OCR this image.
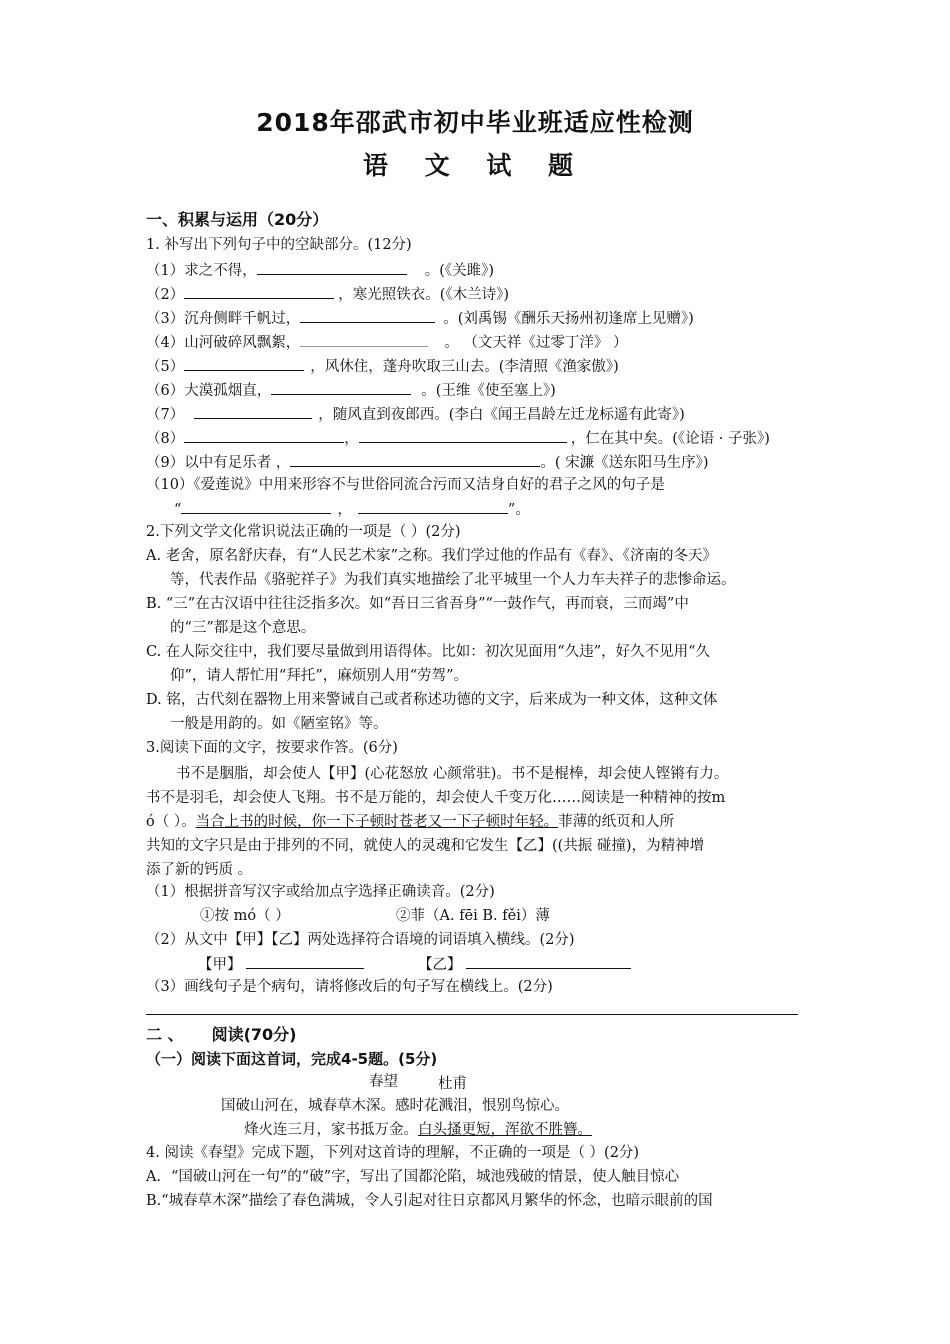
2018年邵武市初中毕业班适应性检测
语 文 试 题
一、积累与运用（20分）
1. 补写出下列句子中的空缺部分。(12分)
（1）求之不得，	。(《关雎》)
（2）	，寒光照铁衣。(《木兰诗》)
（3）沉舟侧畔千帆过，	。(刘禹锡《酬乐天扬州初逢席上见赠》)
（4）山河破碎风飘絮，	。 （文天祥《过零丁洋》 ）
（5）	，风休住，蓬舟吹取三山去。(李清照《渔家傲》)
（6）大漠孤烟直，	。(王维《使至塞上》)
（7）	，随风直到夜郎西。(李白《闻王昌龄左迁龙标遥有此寄》)
（8）	，	，仁在其中矣。(《论语 · 子张》)
（9）以中有足乐者 ，	。( 宋濂《送东阳马生序》)
（10）《爱莲说》中用来形容不与世俗同流合污而又洁身自好的君子之风的句子是
“	，	”。
2.下列文学文化常识说法正确的一项是（ ）(2分)
A. 老舍，原名舒庆春，有“人民艺术家”之称。我们学过他的作品有《春》、《济南的冬天》
等，代表作品《骆驼祥子》为我们真实地描绘了北平城里一个人力车夫祥子的悲惨命运。
B. “三”在古汉语中往往泛指多次。如“吾日三省吾身”“一鼓作气，再而衰，三而竭”中
的“三”都是这个意思。
C. 在人际交往中，我们要尽量做到用语得体。比如：初次见面用“久违”，好久不见用“久
仰”，请人帮忙用“拜托”，麻烦别人用“劳驾”。
D. 铭，古代刻在器物上用来警诫自己或者称述功德的文字，后来成为一种文体，这种文体
一般是用韵的。如《陋室铭》等。
3.阅读下面的文字，按要求作答。(6分)
书不是胭脂，却会使人【甲】(心花怒放 心颜常驻)。书不是棍棒，却会使人铿锵有力。
书不是羽毛，却会使人飞翔。书不是万能的，却会使人千变万化……阅读是一种精神的按m
ó（ ）。当合上书的时候，你一下子顿时苍老又一下子顿时年轻。菲薄的纸页和人所
共知的文字只是由于排列的不同，就使人的灵魂和它发生【乙】((共振 碰撞)，为精神增
添了新的钙质 。
（1）根据拼音写汉字或给加点字选择正确读音。(2分)
①按 mó（ ）	②菲（A. fēi B. fěi）薄
（2）从文中【甲】【乙】两处选择符合语境的词语填入横线。(2分)
【甲】	【乙】
（3）画线句子是个病句，请将修改后的句子写在横线上。(2分)
二 、 阅读(70分)
（一）阅读下面这首词，完成4-5题。(5分)
春望	杜甫
国破山河在，城春草木深。感时花溅泪，恨别鸟惊心。
烽火连三月，家书抵万金。白头搔更短，浑欲不胜簪。
4. 阅读《春望》完成下题，下列对这首诗的理解，不正确的一项是（ ）(2分)
A．“国破山河在一句”的“破”字，写出了国都沦陷，城池残破的情景，使人触目惊心
B.“城春草木深”描绘了春色满城，令人引起对往日京都风月繁华的怀念，也暗示眼前的国
